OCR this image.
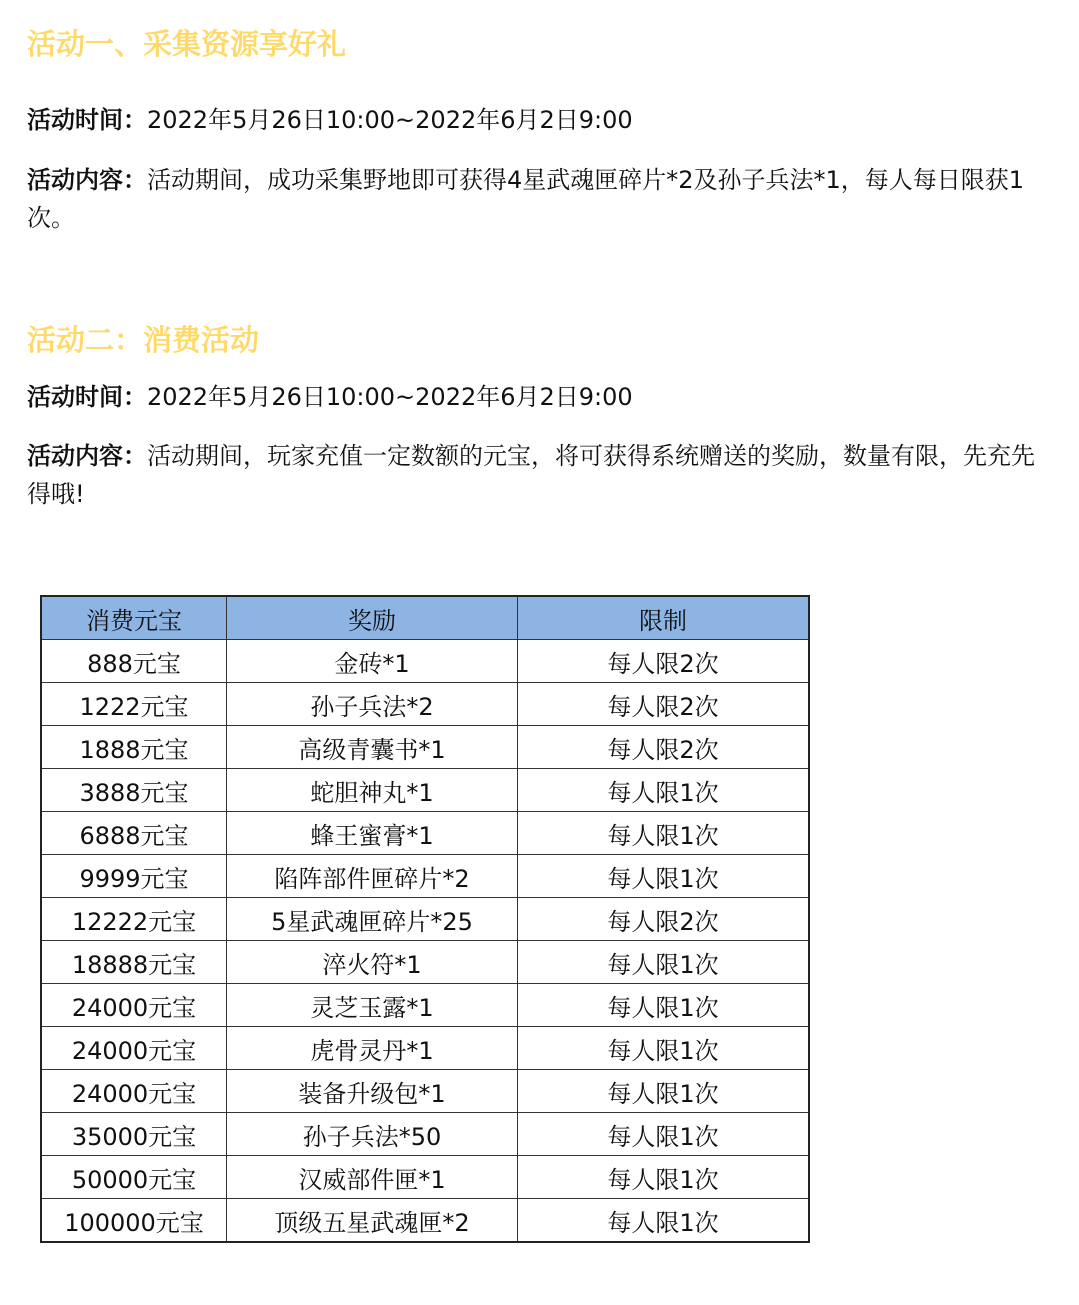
活动一、采集资源享好礼
活动时间：2022年5月26日10:00~2022年6月2日9:00
活动内容：活动期间，成功采集野地即可获得4星武魂匣碎片*2及孙子兵法*1，每人每日限获1次。
活动二：消费活动
活动时间：2022年5月26日10:00~2022年6月2日9:00
活动内容：活动期间，玩家充值一定数额的元宝，将可获得系统赠送的奖励，数量有限，先充先得哦!
消费元宝	奖励	限制
888元宝	金砖*1	每人限2次
1222元宝	孙子兵法*2	每人限2次
1888元宝	高级青囊书*1	每人限2次
3888元宝	蛇胆神丸*1	每人限1次
6888元宝	蜂王蜜膏*1	每人限1次
9999元宝	陷阵部件匣碎片*2	每人限1次
12222元宝	5星武魂匣碎片*25	每人限2次
18888元宝	淬火符*1	每人限1次
24000元宝	灵芝玉露*1	每人限1次
24000元宝	虎骨灵丹*1	每人限1次
24000元宝	装备升级包*1	每人限1次
35000元宝	孙子兵法*50	每人限1次
50000元宝	汉威部件匣*1	每人限1次
100000元宝	顶级五星武魂匣*2	每人限1次
